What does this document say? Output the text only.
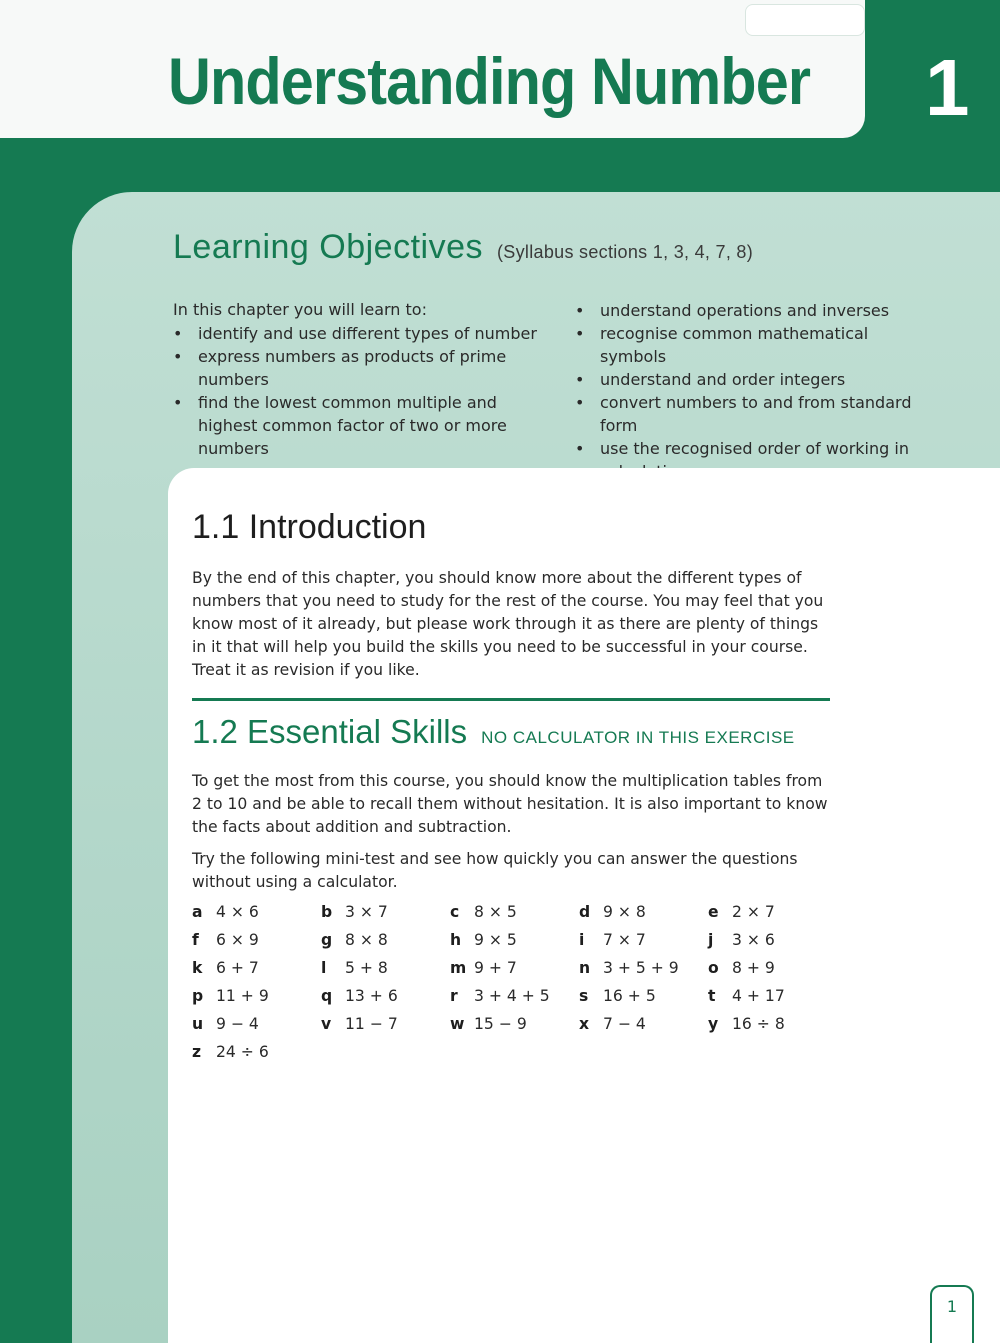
Understanding Number 1
Learning Objectives (Syllabus sections 1, 3, 4, 7, 8)
In this chapter you will learn to:
• identify and use different types of number
• express numbers as products of prime numbers
• find the lowest common multiple and highest common factor of two or more numbers
• understand operations and inverses
• recognise common mathematical symbols
• understand and order integers
• convert numbers to and from standard form
• use the recognised order of working in
1.1 Introduction

By the end of this chapter, you should know more about the different types of numbers that you need to study for the rest of the course. You may feel that you know most of it already, but please work through it as there are plenty of things in it that will help you build the skills you need to be successful in your course. Treat it as revision if you like.

1.2 Essential Skills NO CALCULATOR IN THIS EXERCISE

To get the most from this course, you should know the multiplication tables from 2 to 10 and be able to recall them without hesitation. It is also important to know the facts about addition and subtraction.

Try the following mini-test and see how quickly you can answer the questions without using a calculator.

a 4 × 6	b 3 × 7	c 8 × 5	d 9 × 8	e 2 × 7
f 6 × 9	g 8 × 8	h 9 × 5	i 7 × 7	j 3 × 6
k 6 + 7	l 5 + 8	m 9 + 7	n 3 + 5 + 9	o 8 + 9
p 11 + 9	q 13 + 6	r 3 + 4 + 5	s 16 + 5	t 4 + 17
u 9 − 4	v 11 − 7	w 15 − 9	x 7 − 4	y 16 ÷ 8
z 24 ÷ 6
1
